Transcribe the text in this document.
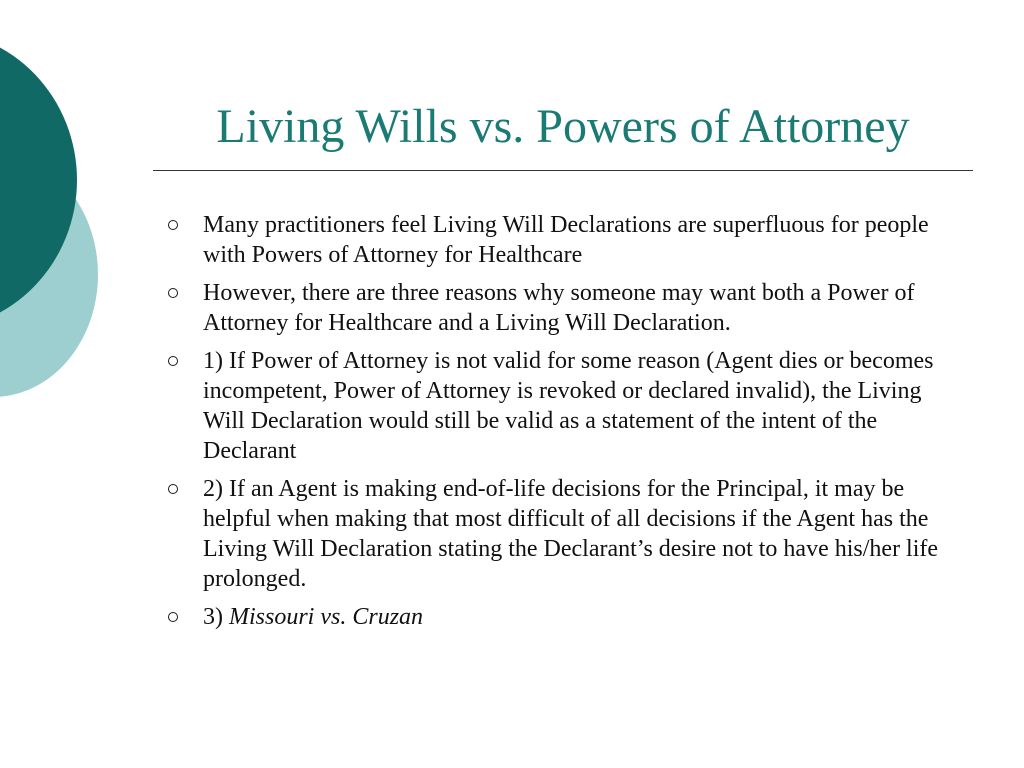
Living Wills vs. Powers of Attorney
Many practitioners feel Living Will Declarations are superfluous for people with Powers of Attorney for Healthcare
However, there are three reasons why someone may want both a Power of Attorney for Healthcare and a Living Will Declaration.
1) If Power of Attorney is not valid for some reason (Agent dies or becomes incompetent, Power of Attorney is revoked or declared invalid), the Living Will Declaration would still be valid as a statement of the intent of the Declarant
2) If an Agent is making end-of-life decisions for the Principal, it may be helpful when making that most difficult of all decisions if the Agent has the Living Will Declaration stating the Declarant’s desire not to have his/her life prolonged.
3) Missouri vs. Cruzan
